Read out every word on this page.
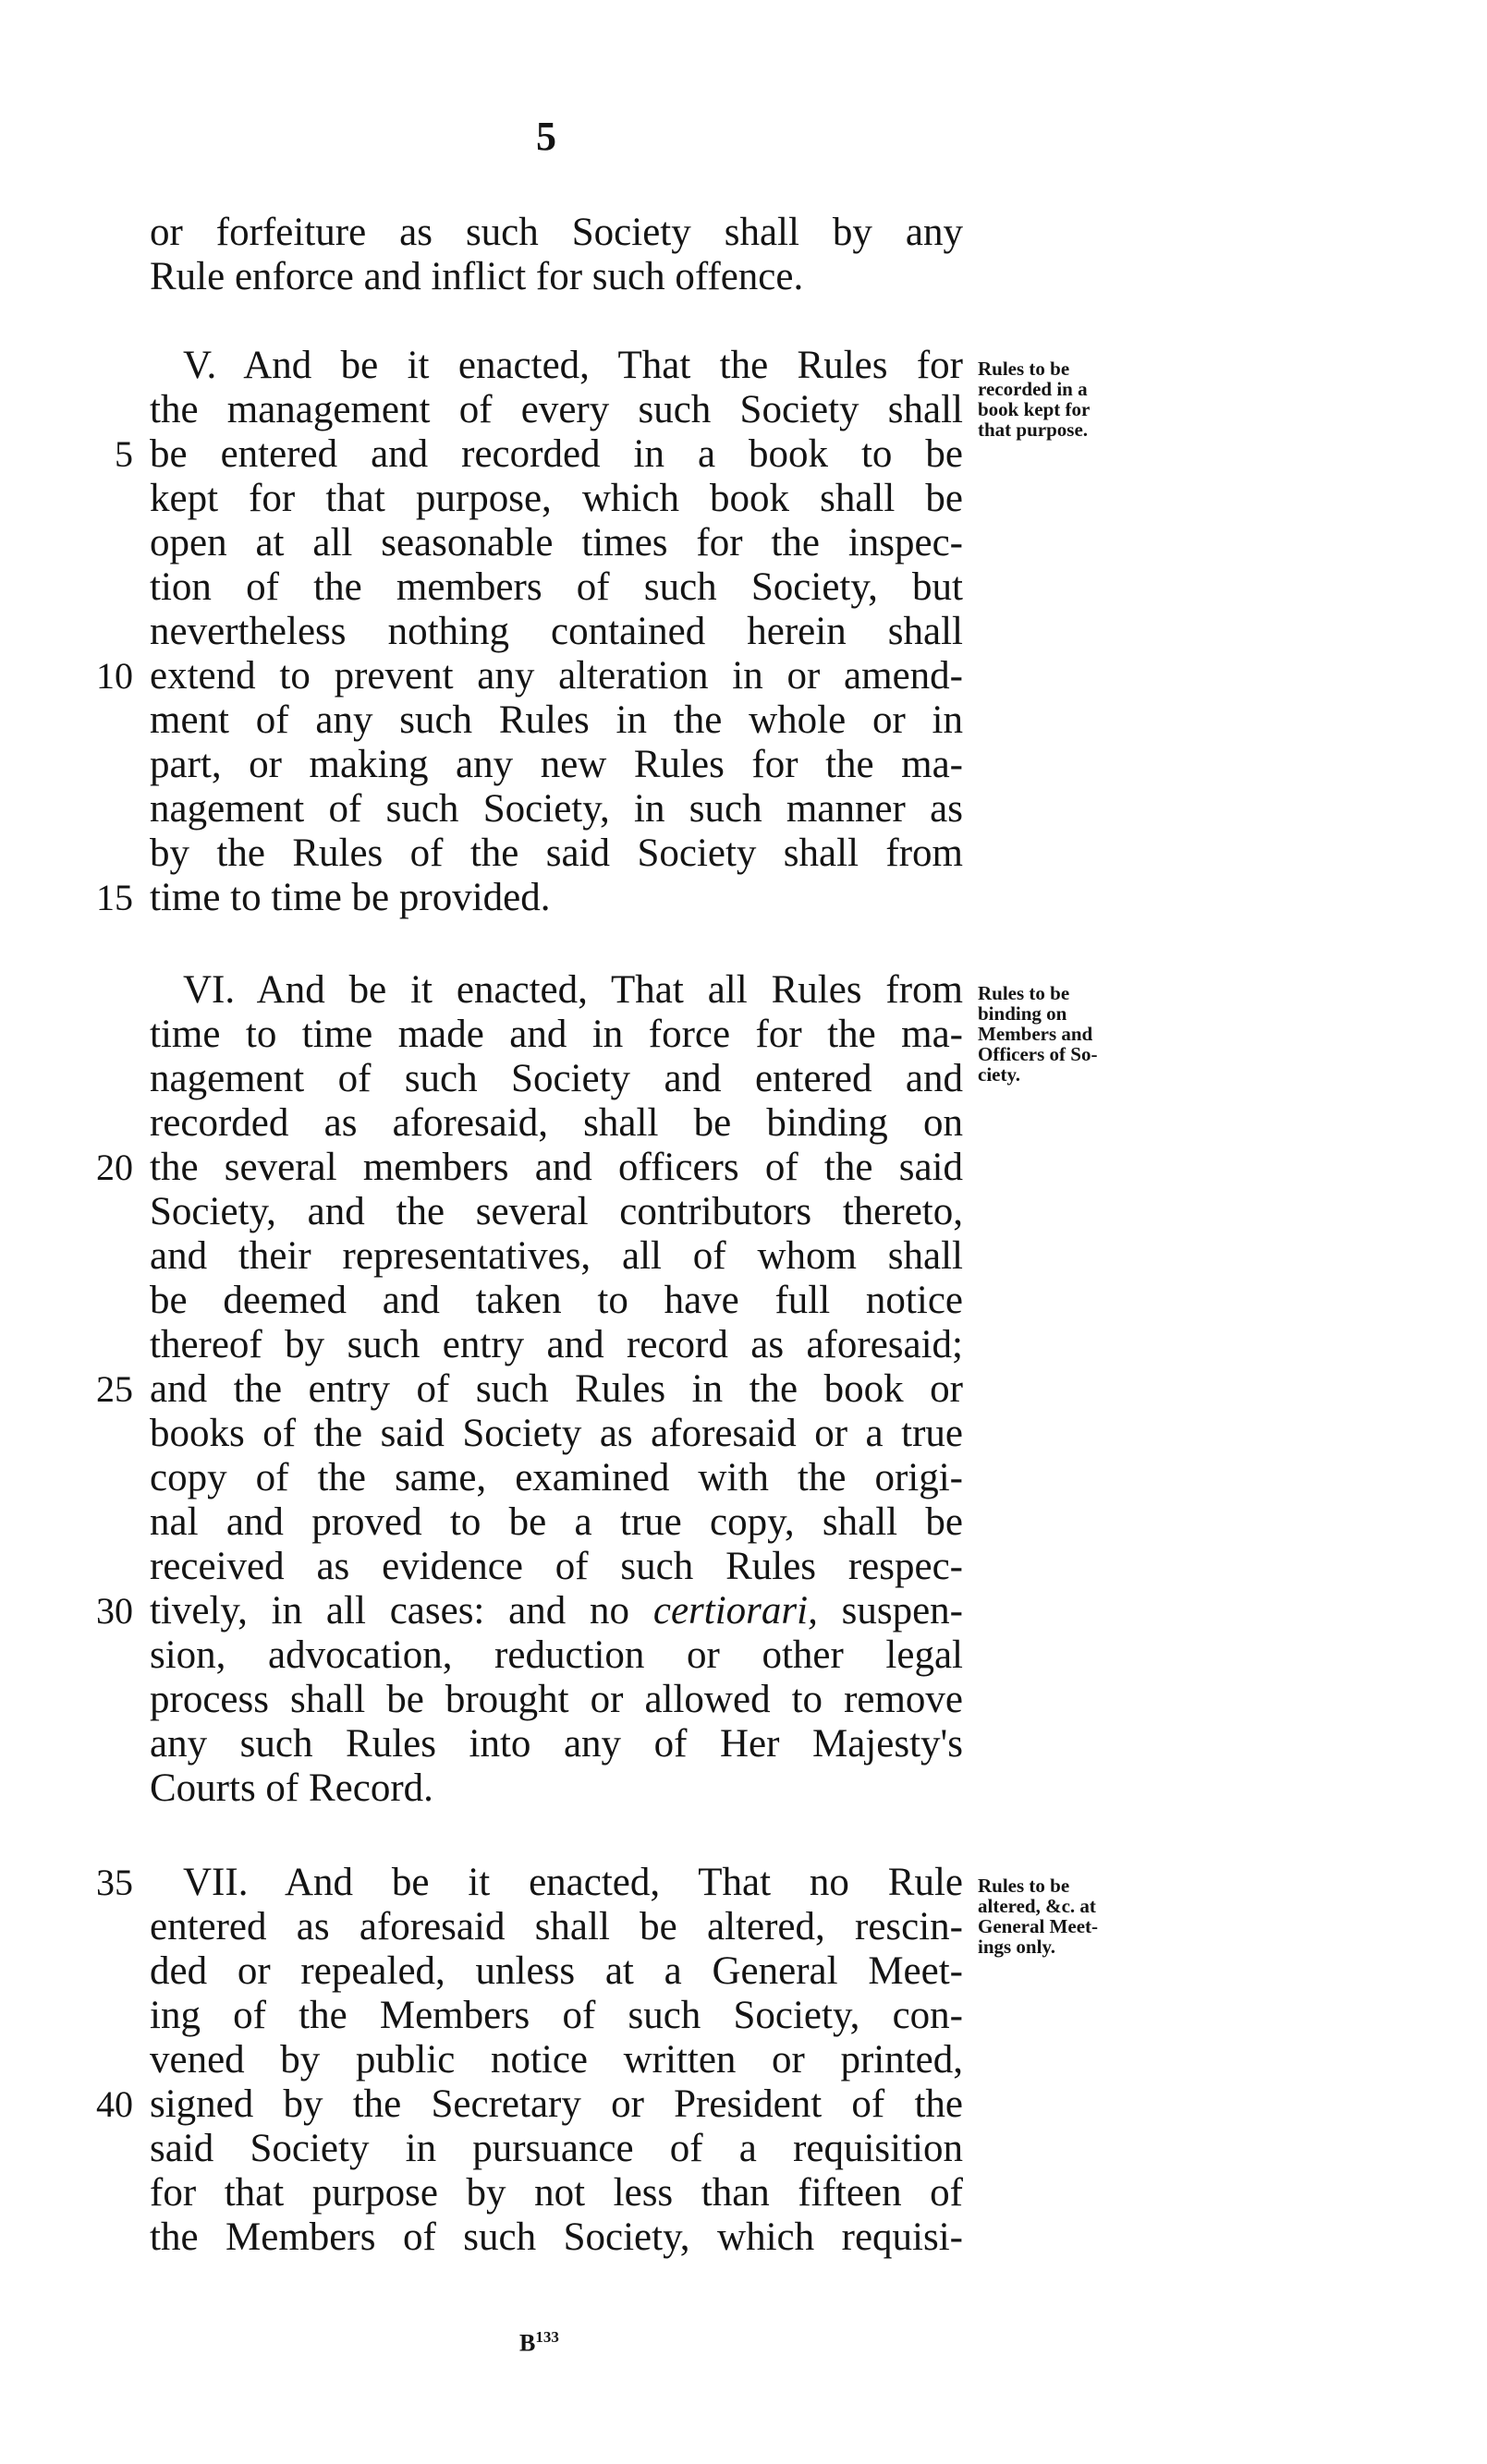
5
or forfeiture as such Society shall by any
Rule enforce and inflict for such offence.
V. And be it enacted, That the Rules for
the management of every such Society shall
be entered and recorded in a book to be
kept for that purpose, which book shall be
open at all seasonable times for the inspec-
tion of the members of such Society, but
nevertheless nothing contained herein shall
extend to prevent any alteration in or amend-
ment of any such Rules in the whole or in
part, or making any new Rules for the ma-
nagement of such Society, in such manner as
by the Rules of the said Society shall from
time to time be provided.
VI. And be it enacted, That all Rules from
time to time made and in force for the ma-
nagement of such Society and entered and
recorded as aforesaid, shall be binding on
the several members and officers of the said
Society, and the several contributors thereto,
and their representatives, all of whom shall
be deemed and taken to have full notice
thereof by such entry and record as aforesaid;
and the entry of such Rules in the book or
books of the said Society as aforesaid or a true
copy of the same, examined with the origi-
nal and proved to be a true copy, shall be
received as evidence of such Rules respec-
tively, in all cases: and no certiorari, suspen-
sion, advocation, reduction or other legal
process shall be brought or allowed to remove
any such Rules into any of Her Majesty's
Courts of Record.
VII. And be it enacted, That no Rule
entered as aforesaid shall be altered, rescin-
ded or repealed, unless at a General Meet-
ing of the Members of such Society, con-
vened by public notice written or printed,
signed by the Secretary or President of the
said Society in pursuance of a requisition
for that purpose by not less than fifteen of
the Members of such Society, which requisi-
5
10
15
20
25
30
35
40
Rules to be
recorded in a
book kept for
that purpose.
Rules to be
binding on
Members and
Officers of So-
ciety.
Rules to be
altered, &c. at
General Meet-
ings only.
$B^{133}$
